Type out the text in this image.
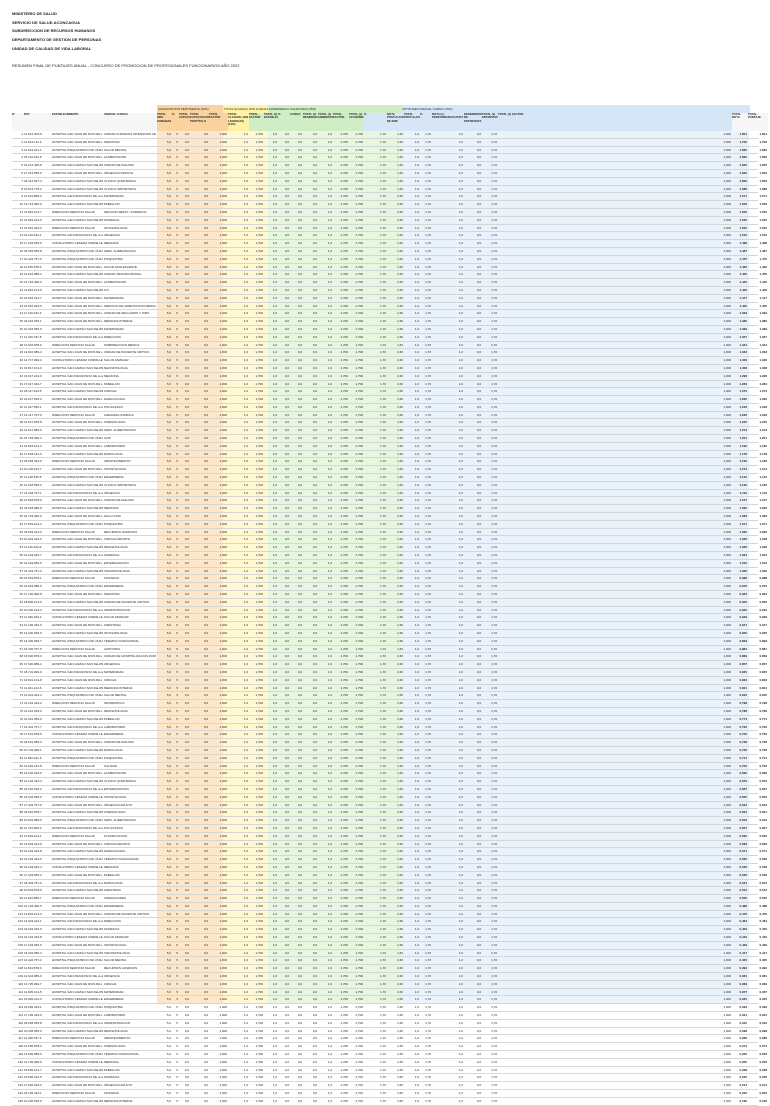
MINISTERIO DE SALUD
SERVICIO DE SALUD ACONCAGUA
SUBDIRECCION DE RECURSOS HUMANOS
DEPARTAMENTO DE GESTION DE PERSONAS
UNIDAD DE CALIDAD DE VIDA LABORAL
RESUMEN FINAL DE PUNTAJES ANUAL - CONCURSO DE PROMOCION DE PROFESIONALES FUNCIONARIOS AÑO 2022
CAPACITACION PERTINENTE (40%)	TOTAL ALCOHOL (SIN LICENCI EXPERIENCIA CALIFICADA (35%)	APTITUDES PARA EL CARGO (15%)
N°	RUT	ESTABLECIMIENTO	UNIDAD / CARGO	TOTAL HRS. HUMANAS
%	TOTAL CAPACI
TOTAL CAPACITACIÓN POSTÍTULO
TOTAL FACTOR
TOTAL ALCOHOL (SIN LICENCIAS) (10%)
TOTAL FACTOR
TOTAL (x) ESTABLE
%	CARGO TOTAL (x) RESIDENC
TOTAL (x) ADMINIST
TOTAL FACTOR
TOTAL (x) ACADÉMI
%	NOTA POSTULAC DE EME
TOTAL POSTULAC
%	NOTA (x) PERFORMANCIA POST
DESEMPEÑO DE ENTREVISTA
TOTAL (x) ENTREVISTA
TOTAL (x) FACTOR	TOTAL NOTA
TOTAL PUNTAJE
1 12.914.303-5	HOSPITAL SAN JUAN DE DIOS DE	UNIDAD CUIDADOS INTENSIVOS AD	5,0	5	0,0	0,0	1,000	1,0	1,700	1,5	0,0	0,0	0,0	1,0	1,700	1,700	1,70	1,50	1,0	1,70	1,0	0,0	1,70	1,000	1,801	1,801
2 13.914.112-3	HOSPITAL SAN JUAN DE DIOS DE	PEDIATRIA	5,0	5	0,0	0,0	1,000	1,0	1,700	1,0	0,0	0,0	0,0	1,0	1,700	1,700	1,70	1,50	1,0	1,70	1,0	0,0	1,70	1,000	1,700	1,700
3 14.014.221-1	HOSPITAL PSIQUIATRICO DR. PHIL SALUD MENTAL	5,0	5	0,0	0,0	1,000	1,0	1,700	1,0	0,0	0,0	0,0	1,0	1,700	1,700	1,70	1,50	1,0	1,70	1,0	0,0	1,70	1,000	1,660	1,660
4 15.114.334-K	HOSPITAL SAN JUAN DE DIOS DE	ALIMENTACION	5,0	5	0,0	0,0	1,000	1,0	1,700	1,0	0,0	0,0	0,0	1,0	1,700	1,700	1,70	1,50	1,0	1,70	1,0	0,0	1,70	1,000	1,660	1,660
5 16.214.445-8	HOSPITAL SAN CAMILO SAN FELIPE UNIDAD DE DIALISIS	5,0	5	0,0	0,0	1,000	1,0	1,700	1,0	0,0	0,0	0,0	1,0	1,700	1,700	1,70	1,50	1,0	1,70	1,0	0,0	1,70	1,000	1,625	1,625
6 17.314.556-6	HOSPITAL SAN JUAN DE DIOS DE	URGENCIA INFANTIL	5,0	5	0,0	0,0	1,000	1,0	1,700	1,0	0,0	0,0	0,0	1,0	1,700	1,700	1,70	1,50	1,0	1,70	1,0	0,0	1,70	1,000	1,620	1,620
7 18.414.667-4	HOSPITAL SAN CAMILO SAN FELIPE CLINICO QUIRURGICA	5,0	5	0,0	0,0	1,000	1,0	1,700	1,0	0,0	0,0	0,0	1,0	1,700	1,700	1,70	1,50	1,0	1,70	1,0	0,0	1,70	1,000	1,600	1,600
8 10.514.778-2	HOSPITAL SAN CAMILO SAN FELIPE CLINICO OBSTETRICA	5,0	5	0,0	0,0	1,000	1,0	1,700	1,0	0,0	0,0	0,0	1,0	1,700	1,700	1,70	1,50	1,0	1,70	1,0	0,0	1,70	1,000	1,586	1,586
9 11.614.889-0	HOSPITAL SAN FRANCISCO DE LL MATERNIDAD	5,0	5	0,0	0,0	1,000	1,0	1,700	1,0	0,0	0,0	0,0	1,0	1,700	1,700	1,70	1,50	1,0	1,70	1,0	0,0	1,70	1,000	1,571	1,571
10 12.714.990-9	HOSPITAL SAN CAMILO SAN FELIPE PABELLON	5,0	5	0,0	0,0	1,000	1,0	1,700	1,0	0,0	0,0	0,0	1,0	1,700	1,700	1,70	1,50	1,0	1,70	1,0	0,0	1,70	1,000	1,559	1,559
11 13.815.101-7	DIRECCION SERVICIO SALUD	SECCION ABAST. / FARMACIA	5,0	5	0,0	0,0	1,000	1,0	1,700	1,0	0,0	0,0	0,0	1,0	1,700	1,700	1,70	1,50	1,0	1,70	1,0	0,0	1,70	1,000	1,550	1,550
12 14.915.212-5	HOSPITAL SAN CAMILO SAN FELIPE FARMACIA	5,0	5	0,0	0,0	1,000	1,0	1,700	1,0	0,0	0,0	0,0	1,0	1,700	1,700	1,70	1,50	1,0	1,70	1,0	0,0	1,70	1,000	1,535	1,535
13 15.015.323-3	DIRECCION SERVICIO SALUD	OFTALMOLOGIA	5,0	5	0,0	0,0	1,000	1,0	1,700	1,0	0,0	0,0	0,0	1,0	1,700	1,700	1,70	1,50	1,0	1,70	1,0	0,0	1,70	1,000	1,520	1,520
14 16.115.434-1	HOSPITAL SAN FRANCISCO DE LL URGENCIA	5,0	5	0,0	0,0	1,000	1,0	1,700	1,0	0,0	0,0	0,0	1,0	1,700	1,700	1,70	1,50	1,0	1,70	1,0	0,0	1,70	1,000	1,510	1,510
15 17.215.545-K	CONSULTORIO CESFAM CORDILLE MEDICINA	5,0	5	0,0	0,0	1,000	1,0	1,700	1,0	0,0	0,0	0,0	1,0	1,700	1,700	1,70	1,50	1,0	1,70	1,0	0,0	1,70	1,000	1,498	1,498
16 18.315.656-8	HOSPITAL PSIQUIATRICO DR. PHIL SERV. ALIMENTACION	5,0	5	0,0	0,0	1,000	1,0	1,700	1,0	0,0	0,0	0,0	1,0	1,700	1,700	1,70	1,50	1,0	1,70	1,0	0,0	1,70	1,000	1,487	1,487
17 10.415.767-6	HOSPITAL PSIQUIATRICO DR. PHIL PSIQUIATRIA	5,0	5	0,0	0,0	1,000	1,0	1,700	1,0	0,0	0,0	0,0	1,0	1,700	1,700	1,70	1,50	1,0	1,70	1,0	0,0	1,70	1,000	1,475	1,475
18 11.515.878-4	HOSPITAL SAN JUAN DE DIOS DE	SALUD ADOLESCENTE	5,0	5	0,0	0,0	1,000	1,0	1,700	1,0	0,0	0,0	0,0	1,0	1,700	1,700	1,70	1,50	1,0	1,70	1,0	0,0	1,70	1,000	1,462	1,462
19 12.615.989-2	HOSPITAL SAN CAMILO SAN FELIPE UNIDAD TRANSFUSIONAL	5,0	5	0,0	0,0	1,000	1,0	1,700	1,0	0,0	0,0	0,0	1,0	1,700	1,700	1,70	1,50	1,0	1,70	1,0	0,0	1,70	1,000	1,450	1,450
20 13.716.090-0	HOSPITAL SAN JUAN DE DIOS DE	ALIMENTACION	5,0	5	0,0	0,0	1,000	1,0	1,700	1,0	0,0	0,0	0,0	1,0	1,700	1,700	1,70	1,50	1,0	1,70	1,0	0,0	1,70	1,000	1,440	1,440
21 14.816.101-9	HOSPITAL SAN CAMILO SAN FELIPE UTI	5,0	5	0,0	0,0	1,000	1,0	1,700	1,0	0,0	0,0	0,0	1,0	1,700	1,700	1,70	1,50	1,0	1,70	1,0	0,0	1,70	1,000	1,429	1,429
22 15.916.212-7	HOSPITAL SAN JUAN DE DIOS DE	MATERNIDAD	5,0	5	0,0	0,0	1,000	1,0	1,700	1,0	0,0	0,0	0,0	1,0	1,700	1,700	1,70	1,50	1,0	1,70	1,0	0,0	1,70	1,000	1,417	1,417
23 16.016.323-5	HOSPITAL SAN JUAN DE DIOS DE	SERVICIO DE ORIENTACION MEDICA	5,0	5	0,0	0,0	1,000	1,0	1,700	1,0	0,0	0,0	0,0	1,0	1,700	1,700	1,70	1,50	1,0	1,70	1,0	0,0	1,70	1,000	1,405	1,405
24 17.116.434-3	HOSPITAL SAN JUAN DE DIOS DE	UNIDAD DE RECLAMOS Y OIRS	5,0	5	0,0	0,0	1,000	1,0	1,700	1,0	0,0	0,0	0,0	1,0	1,700	1,700	1,70	1,50	1,0	1,70	1,0	0,0	1,70	1,000	1,393	1,393
25 18.216.545-1	HOSPITAL SAN JUAN DE DIOS DE	MEDICINA INTERNA	5,0	5	0,0	0,0	1,000	1,0	1,700	1,0	0,0	0,0	0,0	1,0	1,700	1,700	1,70	1,50	1,0	1,70	1,0	0,0	1,70	1,000	1,380	1,380
26 10.316.656-K	HOSPITAL SAN CAMILO SAN FELIPE MATERNIDAD	5,0	5	0,0	0,0	1,000	1,0	1,700	1,0	0,0	0,0	0,0	1,0	1,700	1,700	1,70	1,50	1,0	1,70	1,0	0,0	1,70	1,000	1,369	1,369
27 11.416.767-8	HOSPITAL SAN FRANCISCO DE LL DIRECCION	5,0	5	0,0	0,0	1,000	1,0	1,700	1,0	0,0	0,0	0,0	1,0	1,700	1,700	1,70	1,50	1,0	1,70	1,0	0,0	1,70	1,000	1,357	1,357
28 12.516.878-6	DIRECCION SERVICIO SALUD	SUBDIRECCION MEDICA	5,0	5	0,0	0,0	1,000	1,0	1,700	1,0	0,0	0,0	0,0	1,0	1,700	1,700	1,70	1,50	1,0	1,70	1,0	0,0	1,70	1,000	1,344	1,344
29 13.616.989-4	HOSPITAL SAN JUAN DE DIOS DE	UNIDAD DE PACIENTE CRITICO	5,0	5	0,0	0,0	1,000	1,0	1,700	1,0	0,0	0,0	0,0	1,0	1,700	1,700	1,70	1,50	1,0	1,70	1,0	0,0	1,70	1,000	1,333	1,333
30 14.717.090-2	CONSULTORIO CESFAM CORDILLE SALUD FAMILIAR	5,0	5	0,0	0,0	1,000	1,0	1,700	1,0	0,0	0,0	0,0	1,0	1,700	1,700	1,70	1,50	1,0	1,70	1,0	0,0	1,70	1,000	1,320	1,320
31 15.817.101-0	HOSPITAL SAN CAMILO SAN FELIPE NEONATOLOGIA	5,0	5	0,0	0,0	1,000	1,0	1,700	1,0	0,0	0,0	0,0	1,0	1,700	1,700	1,70	1,50	1,0	1,70	1,0	0,0	1,70	1,000	1,308	1,308
32 16.917.212-9	HOSPITAL SAN FRANCISCO DE LL MEDICINA	5,0	5	0,0	0,0	1,000	1,0	1,700	1,0	0,0	0,0	0,0	1,0	1,700	1,700	1,70	1,50	1,0	1,70	1,0	0,0	1,70	1,000	1,296	1,296
33 17.017.323-7	HOSPITAL SAN JUAN DE DIOS DE	PABELLON	5,0	5	0,0	0,0	1,000	1,0	1,700	1,0	0,0	0,0	0,0	1,0	1,700	1,700	1,70	1,50	1,0	1,70	1,0	0,0	1,70	1,000	1,284	1,284
34 18.117.434-5	HOSPITAL SAN CAMILO SAN FELIPE CIRUGIA	5,0	5	0,0	0,0	1,000	1,0	1,700	1,0	0,0	0,0	0,0	1,0	1,700	1,700	1,70	1,50	1,0	1,70	1,0	0,0	1,70	1,000	1,272	1,272
35 10.217.545-3	HOSPITAL SAN JUAN DE DIOS DE	GINECOLOGIA	5,0	5	0,0	0,0	1,000	1,0	1,700	1,0	0,0	0,0	0,0	1,0	1,700	1,700	1,70	1,50	1,0	1,70	1,0	0,0	1,70	1,000	1,260	1,260
36 11.317.656-1	HOSPITAL SAN FRANCISCO DE LL POLICLINICO	5,0	5	0,0	0,0	1,000	1,0	1,700	1,0	0,0	0,0	0,0	1,0	1,700	1,700	1,70	1,50	1,0	1,70	1,0	0,0	1,70	1,000	1,248	1,248
37 12.417.767-K	DIRECCION SERVICIO SALUD	ASESORIA JURIDICA	5,0	5	0,0	0,0	1,000	1,0	1,700	1,0	0,0	0,0	0,0	1,0	1,700	1,700	1,70	1,50	1,0	1,70	1,0	0,0	1,70	1,000	1,236	1,236
38 13.517.878-8	HOSPITAL SAN JUAN DE DIOS DE	KINESIOLOGIA	5,0	5	0,0	0,0	1,000	1,0	1,700	1,0	0,0	0,0	0,0	1,0	1,700	1,700	1,70	1,50	1,0	1,70	1,0	0,0	1,70	1,000	1,225	1,225
39 14.617.989-6	HOSPITAL SAN CAMILO SAN FELIPE SERV. ALIMENTACION	5,0	5	0,0	0,0	1,000	1,0	1,700	1,0	0,0	0,0	0,0	1,0	1,700	1,700	1,70	1,50	1,0	1,70	1,0	0,0	1,70	1,000	1,213	1,213
40 15.718.090-4	HOSPITAL PSIQUIATRICO DR. PHIL UCIP	5,0	5	0,0	0,0	1,000	1,0	1,700	1,0	0,0	0,0	0,0	1,0	1,700	1,700	1,70	1,50	1,0	1,70	1,0	0,0	1,70	1,000	1,201	1,201
41 16.818.101-2	HOSPITAL SAN JUAN DE DIOS DE	LABORATORIO	5,0	5	0,0	0,0	1,000	1,0	1,700	1,0	0,0	0,0	0,0	1,0	1,700	1,700	1,70	1,50	1,0	1,70	1,0	0,0	1,70	1,000	1,190	1,190
42 17.918.212-0	HOSPITAL SAN CAMILO SAN FELIPE RADIOLOGIA	5,0	5	0,0	0,0	1,000	1,0	1,700	1,0	0,0	0,0	0,0	1,0	1,700	1,700	1,70	1,50	1,0	1,70	1,0	0,0	1,70	1,000	1,178	1,178
43 18.018.323-9	DIRECCION SERVICIO SALUD	ABASTECIMIENTO	5,0	5	0,0	0,0	1,000	1,0	1,700	1,0	0,0	0,0	0,0	1,0	1,700	1,700	1,70	1,50	1,0	1,70	1,0	0,0	1,70	1,000	1,166	1,166
44 10.118.434-7	HOSPITAL SAN JUAN DE DIOS DE	ODONTOLOGIA	5,0	5	0,0	0,0	1,000	1,0	1,700	1,0	0,0	0,0	0,0	1,0	1,700	1,700	1,70	1,50	1,0	1,70	1,0	0,0	1,70	1,000	1,154	1,154
45 11.218.545-5	HOSPITAL PSIQUIATRICO DR. PHIL ENFERMERIA	5,0	5	0,0	0,0	1,000	1,0	1,700	1,0	0,0	0,0	0,0	1,0	1,700	1,700	1,70	1,50	1,0	1,70	1,0	0,0	1,70	1,000	1,142	1,142
46 12.318.656-3	HOSPITAL SAN CAMILO SAN FELIPE CLINICO OBSTETRICA	5,0	5	0,0	0,0	1,000	1,0	1,700	1,0	0,0	0,0	0,0	1,0	1,700	1,700	1,70	1,50	1,0	1,70	1,0	0,0	1,70	1,000	1,130	1,130
47 13.418.767-1	HOSPITAL SAN FRANCISCO DE LL URGENCIA	5,0	5	0,0	0,0	1,000	1,0	1,700	1,0	0,0	0,0	0,0	1,0	1,700	1,700	1,70	1,50	1,0	1,70	1,0	0,0	1,70	1,000	1,119	1,119
48 14.518.878-K	HOSPITAL SAN JUAN DE DIOS DE	UNIDAD DE DIALISIS	5,0	5	0,0	0,0	1,000	1,0	1,700	1,0	0,0	0,0	0,0	1,0	1,700	1,700	1,70	1,50	1,0	1,70	1,0	0,0	1,70	1,000	1,107	1,107
49 15.618.989-8	HOSPITAL SAN CAMILO SAN FELIPE MEDICINA	5,0	5	0,0	0,0	1,000	1,0	1,700	1,0	0,0	0,0	0,0	1,0	1,700	1,700	1,70	1,50	1,0	1,70	1,0	0,0	1,70	1,000	1,095	1,095
50 16.719.090-6	HOSPITAL SAN JUAN DE DIOS DE	SALA CUNA	5,0	5	0,0	0,0	1,000	1,0	1,700	1,0	0,0	0,0	0,0	1,0	1,700	1,700	1,70	1,50	1,0	1,70	1,0	0,0	1,70	1,000	1,083	1,083
51 17.819.101-4	HOSPITAL PSIQUIATRICO DR. PHIL PSIQUIATRIA	5,0	5	0,0	0,0	1,000	1,0	1,700	1,0	0,0	0,0	0,0	1,0	1,700	1,700	1,70	1,50	1,0	1,70	1,0	0,0	1,70	1,000	1,071	1,071
52 18.919.212-2	DIRECCION SERVICIO SALUD	RECURSOS HUMANOS	5,0	5	0,0	0,0	1,000	1,0	1,700	1,0	0,0	0,0	0,0	1,0	1,700	1,700	1,70	1,50	1,0	1,70	1,0	0,0	1,70	1,000	1,060	1,060
53 10.019.323-0	HOSPITAL SAN JUAN DE DIOS DE	CIRUGIA INFANTIL	5,0	5	0,0	0,0	1,000	1,0	1,700	1,0	0,0	0,0	0,0	1,0	1,700	1,700	1,70	1,50	1,0	1,70	1,0	0,0	1,70	1,000	1,048	1,048
54 11.119.434-9	HOSPITAL SAN CAMILO SAN FELIPE NEONATOLOGIA	5,0	5	0,0	0,0	1,000	1,0	1,700	1,0	0,0	0,0	0,0	1,0	1,700	1,700	1,70	1,50	1,0	1,70	1,0	0,0	1,70	1,000	1,036	1,036
55 12.219.545-7	HOSPITAL SAN FRANCISCO DE LL FARMACIA	5,0	5	0,0	0,0	1,000	1,0	1,700	1,0	0,0	0,0	0,0	1,0	1,700	1,700	1,70	1,50	1,0	1,70	1,0	0,0	1,70	1,000	1,024	1,024
56 13.319.656-5	HOSPITAL SAN JUAN DE DIOS DE	ESTERILIZACION	5,0	5	0,0	0,0	1,000	1,0	1,700	1,0	0,0	0,0	0,0	1,0	1,700	1,700	1,70	1,50	1,0	1,70	1,0	0,0	1,70	1,000	1,012	1,012
57 14.419.767-3	HOSPITAL SAN CAMILO SAN FELIPE TRAUMATOLOGIA	5,0	5	0,0	0,0	1,000	1,0	1,700	1,0	0,0	0,0	0,0	1,0	1,700	1,700	1,70	1,50	1,0	1,70	1,0	0,0	1,70	1,000	1,000	1,000
58 15.519.878-1	DIRECCION SERVICIO SALUD	FINANZAS	5,0	5	0,0	0,0	1,000	1,0	1,700	1,0	0,0	0,0	0,0	1,0	1,700	1,700	1,70	1,50	1,0	1,70	1,0	0,0	1,70	1,000	0,988	0,988
59 16.619.989-K	HOSPITAL PSIQUIATRICO DR. PHIL ENFERMERIA	5,0	5	0,0	0,0	1,000	1,0	1,700	1,0	0,0	0,0	0,0	1,0	1,700	1,700	1,70	1,50	1,0	1,70	1,0	0,0	1,70	1,000	0,976	0,976
60 17.720.090-8	HOSPITAL SAN JUAN DE DIOS DE	PEDIATRIA	5,0	5	0,0	0,0	1,000	1,0	1,700	1,0	0,0	0,0	0,0	1,0	1,700	1,700	1,70	1,50	1,0	1,70	1,0	0,0	1,70	1,000	0,964	0,964
61 18.820.101-6	HOSPITAL SAN CAMILO SAN FELIPE UNIDAD DE PACIENTE CRITICO	5,0	5	0,0	0,0	1,000	1,0	1,700	1,0	0,0	0,0	0,0	1,0	1,700	1,700	1,70	1,50	1,0	1,70	1,0	0,0	1,70	1,000	0,952	0,952
62 10.920.212-4	HOSPITAL SAN FRANCISCO DE LL ADMINISTRACION	5,0	5	0,0	0,0	1,000	1,0	1,700	1,0	0,0	0,0	0,0	1,0	1,700	1,700	1,70	1,50	1,0	1,70	1,0	0,0	1,70	1,000	0,940	0,940
63 11.020.323-2	CONSULTORIO CESFAM CORDILLE SALUD FAMILIAR	5,0	5	0,0	0,0	1,000	1,0	1,700	1,0	0,0	0,0	0,0	1,0	1,700	1,700	1,70	1,50	1,0	1,70	1,0	0,0	1,70	1,000	0,929	0,929
64 12.120.434-0	HOSPITAL SAN JUAN DE DIOS DE	ANESTESIA	5,0	5	0,0	0,0	1,000	1,0	1,700	1,0	0,0	0,0	0,0	1,0	1,700	1,700	1,70	1,50	1,0	1,70	1,0	0,0	1,70	1,000	0,917	0,917
65 13.220.545-9	HOSPITAL SAN CAMILO SAN FELIPE OFTALMOLOGIA	5,0	5	0,0	0,0	1,000	1,0	1,700	1,0	0,0	0,0	0,0	1,0	1,700	1,700	1,70	1,50	1,0	1,70	1,0	0,0	1,70	1,000	0,905	0,905
66 14.320.656-7	HOSPITAL PSIQUIATRICO DR. PHIL TERAPIA OCUPACIONAL	5,0	5	0,0	0,0	1,000	1,0	1,700	1,0	0,0	0,0	0,0	1,0	1,700	1,700	1,70	1,50	1,0	1,70	1,0	0,0	1,70	1,000	0,893	0,893
67 15.420.767-5	DIRECCION SERVICIO SALUD	AUDITORIA	5,0	5	0,0	0,0	1,000	1,0	1,700	1,0	0,0	0,0	0,0	1,0	1,700	1,700	1,70	1,50	1,0	1,70	1,0	0,0	1,70	1,000	0,881	0,881
68 16.520.878-3	HOSPITAL SAN JUAN DE DIOS DE	UNIDAD DE HOSPITALIZACION DOM	5,0	5	0,0	0,0	1,000	1,0	1,700	1,0	0,0	0,0	0,0	1,0	1,700	1,700	1,70	1,50	1,0	1,70	1,0	0,0	1,70	1,000	0,869	0,869
69 17.620.989-1	HOSPITAL SAN CAMILO SAN FELIPE URGENCIA	5,0	5	0,0	0,0	1,000	1,0	1,700	1,0	0,0	0,0	0,0	1,0	1,700	1,700	1,70	1,50	1,0	1,70	1,0	0,0	1,70	1,000	0,857	0,857
70 18.721.090-K	HOSPITAL SAN FRANCISCO DE LL MATERNIDAD	5,0	5	0,0	0,0	1,000	1,0	1,700	1,0	0,0	0,0	0,0	1,0	1,700	1,700	1,70	1,50	1,0	1,70	1,0	0,0	1,70	1,000	0,845	0,845
71 10.821.101-8	HOSPITAL SAN JUAN DE DIOS DE	CIRUGIA	5,0	5	0,0	0,0	1,000	1,0	1,700	1,0	0,0	0,0	0,0	1,0	1,700	1,700	1,70	1,50	1,0	1,70	1,0	0,0	1,70	1,000	0,833	0,833
72 11.921.212-6	HOSPITAL SAN CAMILO SAN FELIPE MEDICINA INTERNA	5,0	5	0,0	0,0	1,000	1,0	1,700	1,0	0,0	0,0	0,0	1,0	1,700	1,700	1,70	1,50	1,0	1,70	1,0	0,0	1,70	1,000	0,821	0,821
73 12.021.323-4	HOSPITAL PSIQUIATRICO DR. PHIL SALUD MENTAL	5,0	5	0,0	0,0	1,000	1,0	1,700	1,0	0,0	0,0	0,0	1,0	1,700	1,700	1,70	1,50	1,0	1,70	1,0	0,0	1,70	1,000	0,810	0,810
74 13.121.434-2	DIRECCION SERVICIO SALUD	INFORMATICA	5,0	5	0,0	0,0	1,000	1,0	1,700	1,0	0,0	0,0	0,0	1,0	1,700	1,700	1,70	1,50	1,0	1,70	1,0	0,0	1,70	1,000	0,798	0,798
75 14.221.545-0	HOSPITAL SAN JUAN DE DIOS DE	NEONATOLOGIA	5,0	5	0,0	0,0	1,000	1,0	1,700	1,0	0,0	0,0	0,0	1,0	1,700	1,700	1,70	1,50	1,0	1,70	1,0	0,0	1,70	1,000	0,786	0,786
76 15.321.656-9	HOSPITAL SAN CAMILO SAN FELIPE PABELLON	5,0	5	0,0	0,0	1,000	1,0	1,700	1,0	0,0	0,0	0,0	1,0	1,700	1,700	1,70	1,50	1,0	1,70	1,0	0,0	1,70	1,000	0,774	0,774
77 16.421.767-7	HOSPITAL SAN FRANCISCO DE LL LABORATORIO	5,0	5	0,0	0,0	1,000	1,0	1,700	1,0	0,0	0,0	0,0	1,0	1,700	1,700	1,70	1,50	1,0	1,70	1,0	0,0	1,70	1,000	0,762	0,762
78 17.521.878-5	CONSULTORIO CESFAM CORDILLE ENFERMERIA	5,0	5	0,0	0,0	1,000	1,0	1,700	1,0	0,0	0,0	0,0	1,0	1,700	1,700	1,70	1,50	1,0	1,70	1,0	0,0	1,70	1,000	0,750	0,750
79 18.621.989-3	HOSPITAL SAN JUAN DE DIOS DE	UNIDAD DE DIALISIS	5,0	5	0,0	0,0	1,000	1,0	1,700	1,0	0,0	0,0	0,0	1,0	1,700	1,700	1,70	1,50	1,0	1,70	1,0	0,0	1,70	1,000	0,738	0,738
80 10.722.090-1	HOSPITAL SAN CAMILO SAN FELIPE RADIOLOGIA	5,0	5	0,0	0,0	1,000	1,0	1,700	1,0	0,0	0,0	0,0	1,0	1,700	1,700	1,70	1,50	1,0	1,70	1,0	0,0	1,70	1,000	0,726	0,726
81 11.822.101-K	HOSPITAL PSIQUIATRICO DR. PHIL PSIQUIATRIA	5,0	5	0,0	0,0	1,000	1,0	1,700	1,0	0,0	0,0	0,0	1,0	1,700	1,700	1,70	1,50	1,0	1,70	1,0	0,0	1,70	1,000	0,714	0,714
82 12.922.212-8	DIRECCION SERVICIO SALUD	CALIDAD	5,0	5	0,0	0,0	1,000	1,0	1,700	1,0	0,0	0,0	0,0	1,0	1,700	1,700	1,70	1,50	1,0	1,70	1,0	0,0	1,70	1,000	0,702	0,702
83 13.022.323-6	HOSPITAL SAN JUAN DE DIOS DE	ALIMENTACION	5,0	5	0,0	0,0	1,000	1,0	1,700	1,0	0,0	0,0	0,0	1,0	1,700	1,700	1,70	1,50	1,0	1,70	1,0	0,0	1,70	1,000	0,690	0,690
84 14.122.434-4	HOSPITAL SAN CAMILO SAN FELIPE CLINICO QUIRURGICA	5,0	5	0,0	0,0	1,000	1,0	1,700	1,0	0,0	0,0	0,0	1,0	1,700	1,700	1,70	1,50	1,0	1,70	1,0	0,0	1,70	1,000	0,679	0,679
85 15.222.545-2	HOSPITAL SAN FRANCISCO DE LL ESTERILIZACION	5,0	5	0,0	0,0	1,000	1,0	1,700	1,0	0,0	0,0	0,0	1,0	1,700	1,700	1,70	1,50	1,0	1,70	1,0	0,0	1,70	1,000	0,667	0,667
86 16.322.656-0	CONSULTORIO CESFAM CORDILLE ODONTOLOGIA	5,0	5	0,0	0,0	1,000	1,0	1,700	1,0	0,0	0,0	0,0	1,0	1,700	1,700	1,70	1,50	1,0	1,70	1,0	0,0	1,70	1,000	0,655	0,655
87 17.422.767-9	HOSPITAL SAN JUAN DE DIOS DE	URGENCIA ADULTO	5,0	5	0,0	0,0	1,000	1,0	1,700	1,0	0,0	0,0	0,0	1,0	1,700	1,700	1,70	1,50	1,0	1,70	1,0	0,0	1,70	1,000	0,643	0,643
88 18.522.878-7	HOSPITAL SAN CAMILO SAN FELIPE KINESIOLOGIA	5,0	5	0,0	0,0	1,000	1,0	1,700	1,0	0,0	0,0	0,0	1,0	1,700	1,700	1,70	1,50	1,0	1,70	1,0	0,0	1,70	1,000	0,631	0,631
89 10.622.989-5	HOSPITAL PSIQUIATRICO DR. PHIL SERV. ALIMENTACION	5,0	5	0,0	0,0	1,000	1,0	1,700	1,0	0,0	0,0	0,0	1,0	1,700	1,700	1,70	1,50	1,0	1,70	1,0	0,0	1,70	1,000	0,619	0,619
90 11.723.090-3	HOSPITAL SAN FRANCISCO DE LL POLICLINICO	5,0	5	0,0	0,0	1,000	1,0	1,700	1,0	0,0	0,0	0,0	1,0	1,700	1,700	1,70	1,50	1,0	1,70	1,0	0,0	1,70	1,000	0,607	0,607
91 12.823.101-1	DIRECCION SERVICIO SALUD	PLANIFICACION	5,0	5	0,0	0,0	1,000	1,0	1,700	1,0	0,0	0,0	0,0	1,0	1,700	1,700	1,70	1,50	1,0	1,70	1,0	0,0	1,70	1,000	0,595	0,595
92 13.923.212-K	HOSPITAL SAN JUAN DE DIOS DE	CIRUGIA INFANTIL	5,0	5	0,0	0,0	1,000	1,0	1,700	1,0	0,0	0,0	0,0	1,0	1,700	1,700	1,70	1,50	1,0	1,70	1,0	0,0	1,70	1,000	0,583	0,583
93 14.023.323-8	HOSPITAL SAN CAMILO SAN FELIPE GINECOLOGIA	5,0	5	0,0	0,0	1,000	1,0	1,700	1,0	0,0	0,0	0,0	1,0	1,700	1,700	1,70	1,50	1,0	1,70	1,0	0,0	1,70	1,000	0,571	0,571
94 15.123.434-6	HOSPITAL PSIQUIATRICO DR. PHIL TERAPIA OCUPACIONAL	5,0	5	0,0	0,0	1,000	1,0	1,700	1,0	0,0	0,0	0,0	1,0	1,700	1,700	1,70	1,50	1,0	1,70	1,0	0,0	1,70	1,000	0,560	0,560
95 16.223.545-4	CONSULTORIO CESFAM CORDILLE MEDICINA	5,0	5	0,0	0,0	1,000	1,0	1,700	1,0	0,0	0,0	0,0	1,0	1,700	1,700	1,70	1,50	1,0	1,70	1,0	0,0	1,70	1,000	0,548	0,548
96 17.323.656-2	HOSPITAL SAN JUAN DE DIOS DE	PABELLON	5,0	5	0,0	0,0	1,000	1,0	1,700	1,0	0,0	0,0	0,0	1,0	1,700	1,700	1,70	1,50	1,0	1,70	1,0	0,0	1,70	1,000	0,536	0,536
97 18.423.767-0	HOSPITAL SAN FRANCISCO DE LL RADIOLOGIA	5,0	5	0,0	0,0	1,000	1,0	1,700	1,0	0,0	0,0	0,0	1,0	1,700	1,700	1,70	1,50	1,0	1,70	1,0	0,0	1,70	1,000	0,524	0,524
98 10.523.878-9	HOSPITAL SAN CAMILO SAN FELIPE ANESTESIA	5,0	5	0,0	0,0	1,000	1,0	1,700	1,0	0,0	0,0	0,0	1,0	1,700	1,700	1,70	1,50	1,0	1,70	1,0	0,0	1,70	1,000	0,512	0,512
99 11.623.989-7	DIRECCION SERVICIO SALUD	OPERACIONES	5,0	5	0,0	0,0	1,000	1,0	1,700	1,0	0,0	0,0	0,0	1,0	1,700	1,700	1,70	1,50	1,0	1,70	1,0	0,0	1,70	1,000	0,500	0,500
100 12.724.090-5	HOSPITAL PSIQUIATRICO DR. PHIL ENFERMERIA	5,0	5	0,0	0,0	1,000	1,0	1,700	1,0	0,0	0,0	0,0	1,0	1,700	1,700	1,70	1,50	1,0	1,70	1,0	0,0	1,70	1,000	0,488	0,488
101 13.824.101-3	HOSPITAL SAN JUAN DE DIOS DE	UNIDAD DE PACIENTE CRITICO	5,0	5	0,0	0,0	1,000	1,0	1,700	1,0	0,0	0,0	0,0	1,0	1,700	1,700	1,70	1,50	1,0	1,70	1,0	0,0	1,70	1,000	0,476	0,476
102 14.924.212-1	HOSPITAL SAN FRANCISCO DE LL DIRECCION	5,0	5	0,0	0,0	1,000	1,0	1,700	1,0	0,0	0,0	0,0	1,0	1,700	1,700	1,70	1,50	1,0	1,70	1,0	0,0	1,70	1,000	0,464	0,464
103 15.024.323-K	HOSPITAL SAN CAMILO SAN FELIPE FARMACIA	5,0	5	0,0	0,0	1,000	1,0	1,700	1,0	0,0	0,0	0,0	1,0	1,700	1,700	1,70	1,50	1,0	1,70	1,0	0,0	1,70	1,000	0,452	0,452
104 16.124.434-8	CONSULTORIO CESFAM CORDILLE SALUD FAMILIAR	5,0	5	0,0	0,0	1,000	1,0	1,700	1,0	0,0	0,0	0,0	1,0	1,700	1,700	1,70	1,50	1,0	1,70	1,0	0,0	1,70	1,000	0,440	0,440
105 17.224.545-6	HOSPITAL SAN JUAN DE DIOS DE	ODONTOLOGIA	5,0	5	0,0	0,0	1,000	1,0	1,700	1,0	0,0	0,0	0,0	1,0	1,700	1,700	1,70	1,50	1,0	1,70	1,0	0,0	1,70	1,000	0,429	0,429
106 18.324.656-4	HOSPITAL SAN CAMILO SAN FELIPE TRAUMATOLOGIA	5,0	5	0,0	0,0	1,000	1,0	1,700	1,0	0,0	0,0	0,0	1,0	1,700	1,700	1,70	1,50	1,0	1,70	1,0	0,0	1,70	1,000	0,417	0,417
107 10.424.767-2	HOSPITAL PSIQUIATRICO DR. PHIL SALUD MENTAL	5,0	5	0,0	0,0	1,000	1,0	1,700	1,0	0,0	0,0	0,0	1,0	1,700	1,700	1,70	1,50	1,0	1,70	1,0	0,0	1,70	1,000	0,405	0,405
108 11.524.878-0	DIRECCION SERVICIO SALUD	RECURSOS HUMANOS	5,0	5	0,0	0,0	1,000	1,0	1,700	1,0	0,0	0,0	0,0	1,0	1,700	1,700	1,70	1,50	1,0	1,70	1,0	0,0	1,70	1,000	0,393	0,393
109 12.624.989-9	HOSPITAL SAN FRANCISCO DE LL URGENCIA	5,0	5	0,0	0,0	1,000	1,0	1,700	1,0	0,0	0,0	0,0	1,0	1,700	1,700	1,70	1,50	1,0	1,70	1,0	0,0	1,70	1,000	0,381	0,381
110 13.725.090-7	HOSPITAL SAN JUAN DE DIOS DE	CIRUGIA	5,0	5	0,0	0,0	1,000	1,0	1,700	1,0	0,0	0,0	0,0	1,0	1,700	1,700	1,70	1,50	1,0	1,70	1,0	0,0	1,70	1,000	0,369	0,369
111 14.825.101-5	HOSPITAL SAN CAMILO SAN FELIPE MATERNIDAD	5,0	5	0,0	0,0	1,000	1,0	1,700	1,0	0,0	0,0	0,0	1,0	1,700	1,700	1,70	1,50	1,0	1,70	1,0	0,0	1,70	1,000	0,357	0,357
112 15.925.212-3	CONSULTORIO CESFAM CORDILLE ENFERMERIA	5,0	5	0,0	0,0	1,000	1,0	1,700	1,0	0,0	0,0	0,0	1,0	1,700	1,700	1,70	1,50	1,0	1,70	1,0	0,0	1,70	1,000	0,345	0,345
113 16.025.323-1	HOSPITAL PSIQUIATRICO DR. PHIL PSIQUIATRIA	5,0	5	0,0	0,0	1,000	1,0	1,700	1,0	0,0	0,0	0,0	1,0	1,700	1,700	1,70	1,50	1,0	1,70	1,0	0,0	1,70	1,000	0,333	0,333
114 17.125.434-K	HOSPITAL SAN JUAN DE DIOS DE	LABORATORIO	5,0	5	0,0	0,0	1,000	1,0	1,700	1,0	0,0	0,0	0,0	1,0	1,700	1,700	1,70	1,50	1,0	1,70	1,0	0,0	1,70	1,000	0,321	0,321
115 18.225.545-8	HOSPITAL SAN FRANCISCO DE LL ADMINISTRACION	5,0	5	0,0	0,0	1,000	1,0	1,700	1,0	0,0	0,0	0,0	1,0	1,700	1,700	1,70	1,50	1,0	1,70	1,0	0,0	1,70	1,000	0,310	0,310
116 10.325.656-6	HOSPITAL SAN CAMILO SAN FELIPE NEONATOLOGIA	5,0	5	0,0	0,0	1,000	1,0	1,700	1,0	0,0	0,0	0,0	1,0	1,700	1,700	1,70	1,50	1,0	1,70	1,0	0,0	1,70	1,000	0,298	0,298
117 11.425.767-4	DIRECCION SERVICIO SALUD	ABASTECIMIENTO	5,0	5	0,0	0,0	1,000	1,0	1,700	1,0	0,0	0,0	0,0	1,0	1,700	1,700	1,70	1,50	1,0	1,70	1,0	0,0	1,70	1,000	0,286	0,286
118 12.525.878-2	HOSPITAL SAN JUAN DE DIOS DE	KINESIOLOGIA	5,0	5	0,0	0,0	1,000	1,0	1,700	1,0	0,0	0,0	0,0	1,0	1,700	1,700	1,70	1,50	1,0	1,70	1,0	0,0	1,70	1,000	0,274	0,274
119 13.625.989-0	HOSPITAL PSIQUIATRICO DR. PHIL TERAPIA OCUPACIONAL	5,0	5	0,0	0,0	1,000	1,0	1,700	1,0	0,0	0,0	0,0	1,0	1,700	1,700	1,70	1,50	1,0	1,70	1,0	0,0	1,70	1,000	0,262	0,262
120 14.726.090-9	CONSULTORIO CESFAM CORDILLE MEDICINA	5,0	5	0,0	0,0	1,000	1,0	1,700	1,0	0,0	0,0	0,0	1,0	1,700	1,700	1,70	1,50	1,0	1,70	1,0	0,0	1,70	1,000	0,250	0,250
121 15.826.101-7	HOSPITAL SAN CAMILO SAN FELIPE PABELLON	5,0	5	0,0	0,0	1,000	1,0	1,700	1,0	0,0	0,0	0,0	1,0	1,700	1,700	1,70	1,50	1,0	1,70	1,0	0,0	1,70	1,000	0,238	0,238
122 16.926.212-5	HOSPITAL SAN FRANCISCO DE LL FARMACIA	5,0	5	0,0	0,0	1,000	1,0	1,700	1,0	0,0	0,0	0,0	1,0	1,700	1,700	1,70	1,50	1,0	1,70	1,0	0,0	1,70	1,000	0,226	0,226
123 17.026.323-3	HOSPITAL SAN JUAN DE DIOS DE	URGENCIA ADULTO	5,0	5	0,0	0,0	1,000	1,0	1,700	1,0	0,0	0,0	0,0	1,0	1,700	1,700	1,70	1,50	1,0	1,70	1,0	0,0	1,70	1,000	0,214	0,214
124 18.126.434-1	DIRECCION SERVICIO SALUD	FINANZAS	5,0	5	0,0	0,0	1,000	1,0	1,700	1,0	0,0	0,0	0,0	1,0	1,700	1,700	1,70	1,50	1,0	1,70	1,0	0,0	1,70	1,000	0,202	0,202
125 10.226.545-K	HOSPITAL SAN CAMILO SAN FELIPE MEDICINA INTERNA	5,0	5	0,0	0,0	1,000	1,0	1,700	1,0	0,0	0,0	0,0	1,0	1,700	1,700	1,70	1,50	1,0	1,70	1,0	0,0	1,70	1,000	0,190	0,190
